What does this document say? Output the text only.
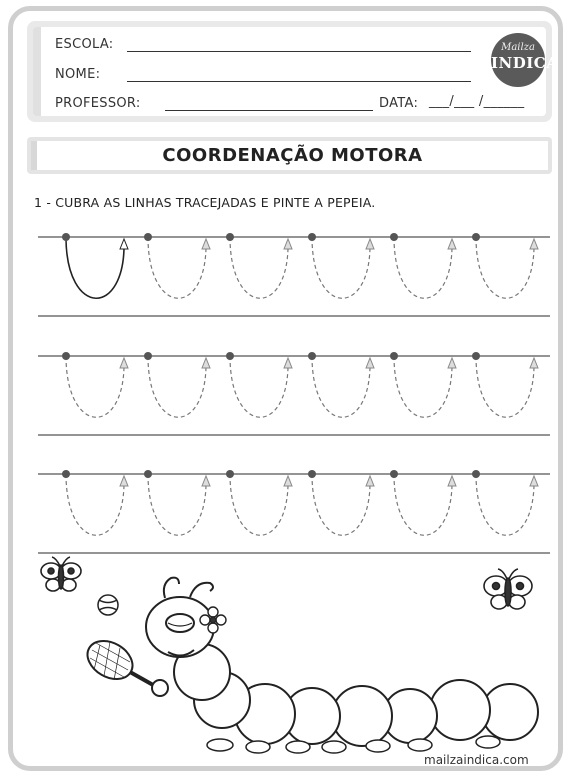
ESCOLA:
NOME:
PROFESSOR:	DATA: ___/___ /______
Mailza
INDICA
COORDENAÇÃO MOTORA
1 - CUBRA AS LINHAS TRACEJADAS E PINTE A PEPEIA.
mailzaindica.com
